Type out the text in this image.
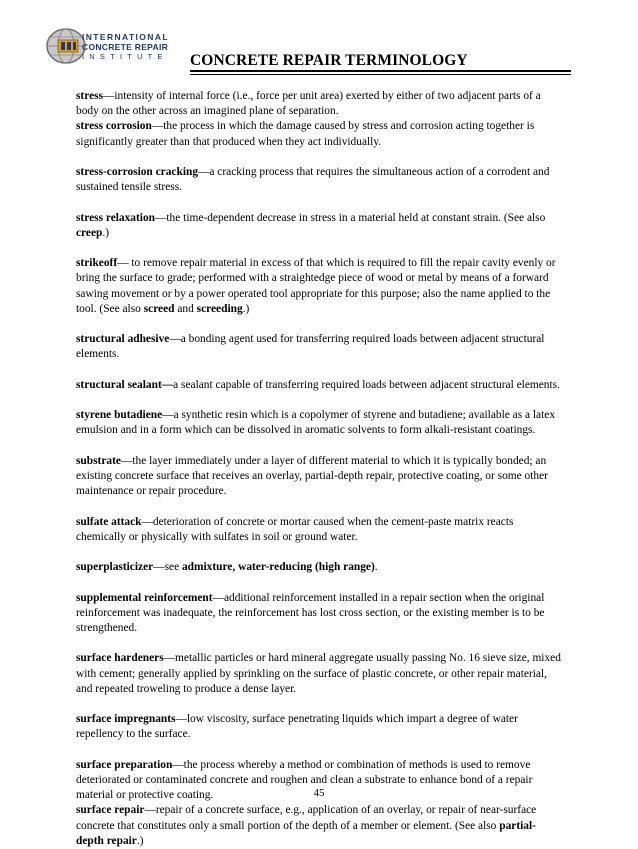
INTERNATIONAL
CONCRETE REPAIR
INSTITUTE CONCRETE REPAIR TERMINOLOGY

stress—intensity of internal force (i.e., force per unit area) exerted by either of two adjacent parts of a body on the other across an imagined plane of separation.

stress corrosion—the process in which the damage caused by stress and corrosion acting together is significantly greater than that produced when they act individually.

stress-corrosion cracking—a cracking process that requires the simultaneous action of a corrodent and sustained tensile stress.

stress relaxation—the time-dependent decrease in stress in a material held at constant strain. (See also creep.)

strikeoff— to remove repair material in excess of that which is required to fill the repair cavity evenly or bring the surface to grade; performed with a straightedge piece of wood or metal by means of a forward sawing movement or by a power operated tool appropriate for this purpose; also the name applied to the tool. (See also screed and screeding.)

structural adhesive—a bonding agent used for transferring required loads between adjacent structural elements.

structural sealant—a sealant capable of transferring required loads between adjacent structural elements.

styrene butadiene—a synthetic resin which is a copolymer of styrene and butadiene; available as a latex emulsion and in a form which can be dissolved in aromatic solvents to form alkali-resistant coatings.

substrate—the layer immediately under a layer of different material to which it is typically bonded; an existing concrete surface that receives an overlay, partial-depth repair, protective coating, or some other maintenance or repair procedure.

sulfate attack—deterioration of concrete or mortar caused when the cement-paste matrix reacts chemically or physically with sulfates in soil or ground water.

superplasticizer—see admixture, water-reducing (high range).

supplemental reinforcement—additional reinforcement installed in a repair section when the original reinforcement was inadequate, the reinforcement has lost cross section, or the existing member is to be strengthened.

surface hardeners—metallic particles or hard mineral aggregate usually passing No. 16 sieve size, mixed with cement; generally applied by sprinkling on the surface of plastic concrete, or other repair material, and repeated troweling to produce a dense layer.

surface impregnants—low viscosity, surface penetrating liquids which impart a degree of water repellency to the surface.

surface preparation—the process whereby a method or combination of methods is used to remove deteriorated or contaminated concrete and roughen and clean a substrate to enhance bond of a repair material or protective coating.

surface repair—repair of a concrete surface, e.g., application of an overlay, or repair of near-surface concrete that constitutes only a small portion of the depth of a member or element. (See also partial-depth repair.)

45
